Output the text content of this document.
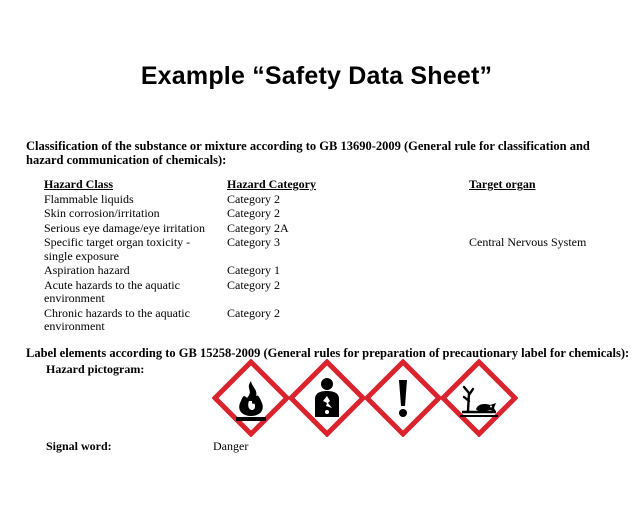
Example “Safety Data Sheet”
Classification of the substance or mixture according to GB 13690-2009 (General rule for classification and hazard communication of chemicals):
Hazard Class	Hazard Category	Target organ
Flammable liquids	Category 2	
Skin corrosion/irritation	Category 2	
Serious eye damage/eye irritation	Category 2A	
Specific target organ toxicity - single exposure	Category 3	Central Nervous System
Aspiration hazard	Category 1	
Acute hazards to the aquatic environment	Category 2	
Chronic hazards to the aquatic environment	Category 2	
Label elements according to GB 15258-2009 (General rules for preparation of precautionary label for chemicals):
Hazard pictogram:
Signal word:	Danger
